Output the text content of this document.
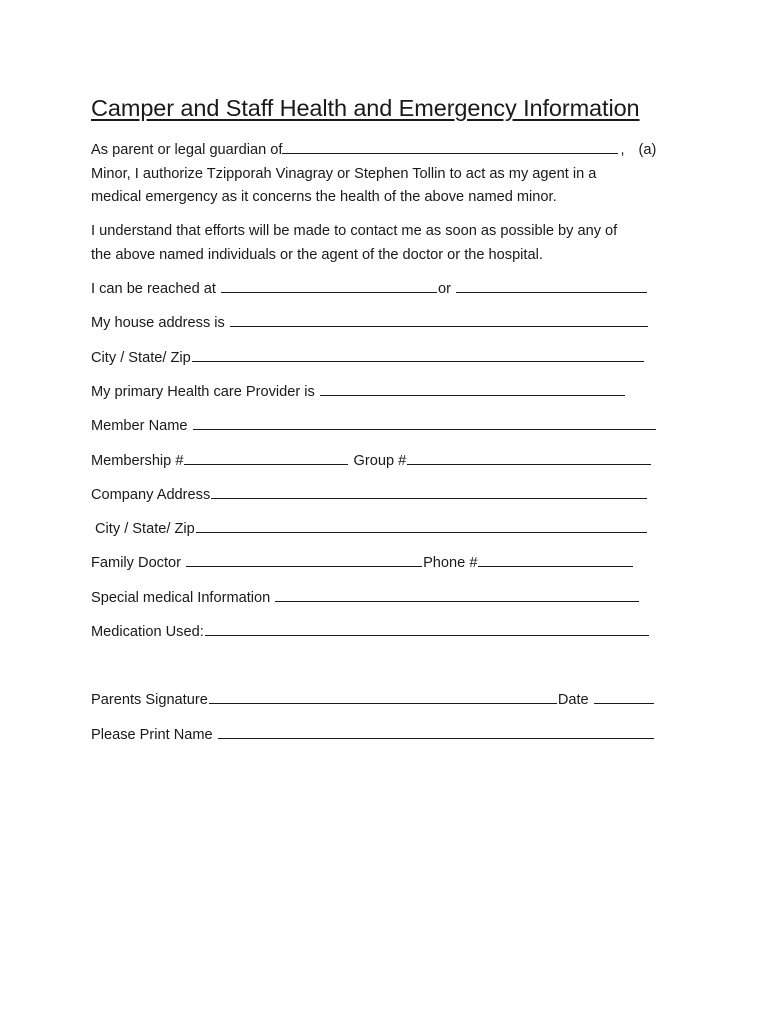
Camper and Staff Health and Emergency Information
As parent or legal guardian of	, (a)
Minor, I authorize Tzipporah Vinagray or Stephen Tollin to act as my agent in a
medical emergency as it concerns the health of the above named minor.
I understand that efforts will be made to contact me as soon as possible by any of
the above named individuals or the agent of the doctor or the hospital.

I can be reached at	or

My house address is

City / State/ Zip

My primary Health care Provider is

Member Name

Membership #	Group #

Company Address

City / State/ Zip

Family Doctor	Phone #

Special medical Information

Medication Used:

Parents Signature	Date

Please Print Name
